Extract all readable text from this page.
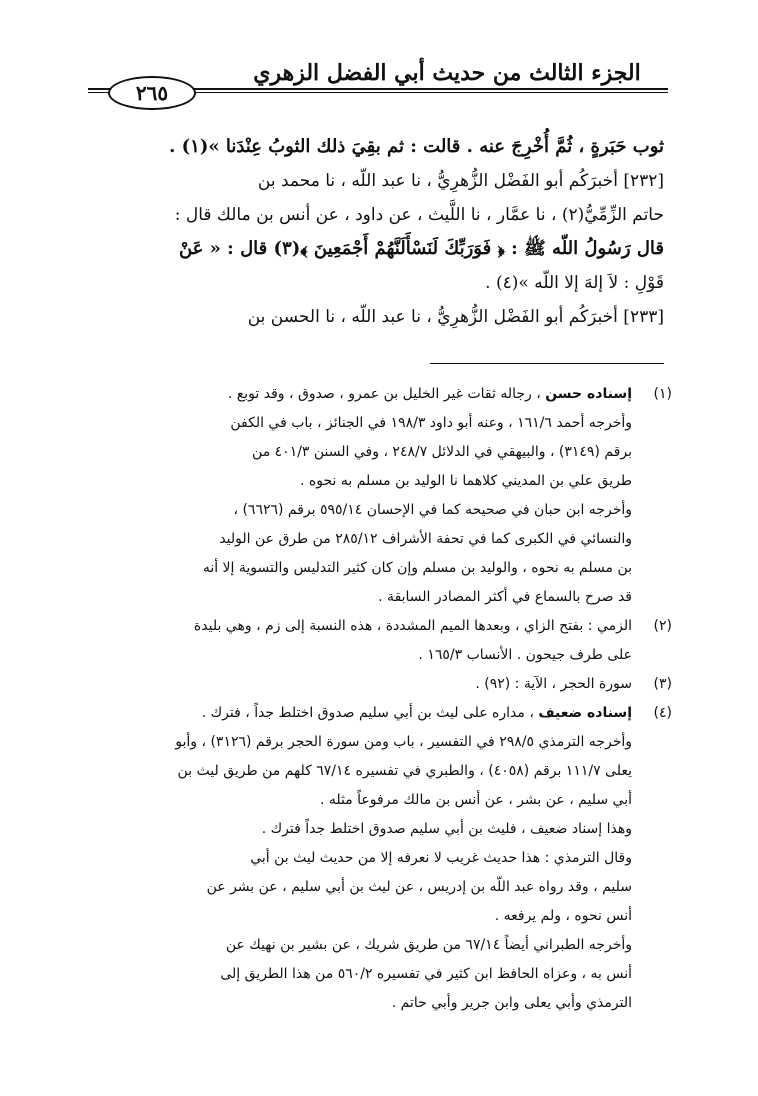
الجزء الثالث من حديث أبي الفضل الزهري
٢٦٥

ثوب حَبَرةٍ ، ثُمَّ أُخْرِجَ عنه . قالت : ثم بقِيَ ذلك الثوبُ عِنْدَنا »(١) .

[٢٣٢] أخبرَكُم أبو الفَضْل الزُّهرِيُّ ، نا عبد اللّه ، نا محمد بن

حاتم الزِّمِّيُّ(٢) ، نا عمَّار ، نا اللَّيث ، عن داود ، عن أنس بن مالك قال :

قال رَسُولُ اللّه ﷺ : ﴿ فَوَرَبِّكَ لَنَسْأَلَنَّهُمْ أَجْمَعِينَ ﴾(٣) قال : « عَنْ

قَوْلِ : لاَ إلهَ إلا اللّه »(٤) .

[٢٣٣] أخبرَكُم أبو الفَضْل الزُّهرِيُّ ، نا عبد اللّه ، نا الحسن بن

(١)

إسناده حسن ، رجاله ثقات غير الخليل بن عمرو ، صدوق ، وقد توبع .

وأخرجه أحمد ١٦١/٦ ، وعنه أبو داود ١٩٨/٣ في الجنائز ، باب في الكفن

برقم (٣١٤٩) ، والبيهقي في الدلائل ٢٤٨/٧ ، وفي السنن ٤٠١/٣ من

طريق علي بن المديني كلاهما نا الوليد بن مسلم به نحوه .

وأخرجه ابن حبان في صحيحه كما في الإحسان ٥٩٥/١٤ برقم (٦٦٢٦) ،

والنسائي في الكبرى كما في تحفة الأشراف ٢٨٥/١٢ من طرق عن الوليد

بن مسلم به نحوه ، والوليد بن مسلم وإن كان كثير التدليس والتسوية إلا أنه

قد صرح بالسماع في أكثر المصادر السابقة .

(٢)

الزمي : بفتح الزاي ، وبعدها الميم المشددة ، هذه النسبة إلى زم ، وهي بليدة

على طرف جيحون . الأنساب ١٦٥/٣ .

(٣)

سورة الحجر ، الآية : (٩٢) .

(٤)

إسناده ضعيف ، مداره على ليث بن أبي سليم صدوق اختلط جداً ، فترك .

وأخرجه الترمذي ٢٩٨/٥ في التفسير ، باب ومن سورة الحجر برقم (٣١٢٦) ، وأبو

يعلى ١١١/٧ برقم (٤٠٥٨) ، والطبري في تفسيره ٦٧/١٤ كلهم من طريق ليث بن

أبي سليم ، عن بشر ، عن أنس بن مالك مرفوعاً مثله .

وهذا إسناد ضعيف ، فليث بن أبي سليم صدوق اختلط جداً فترك .

وقال الترمذي : هذا حديث غريب لا نعرفه إلا من حديث ليث بن أبي

سليم ، وقد رواه عبد اللّه بن إدريس ، عن ليث بن أبي سليم ، عن بشر عن

أنس نحوه ، ولم يرفعه .

وأخرجه الطبراني أيضاً ٦٧/١٤ من طريق شريك ، عن بشير بن نهيك عن

أنس به ، وعزاه الحافظ ابن كثير في تفسيره ٥٦٠/٢ من هذا الطريق إلى

الترمذي وأبي يعلى وابن جرير وأبي حاتم .
